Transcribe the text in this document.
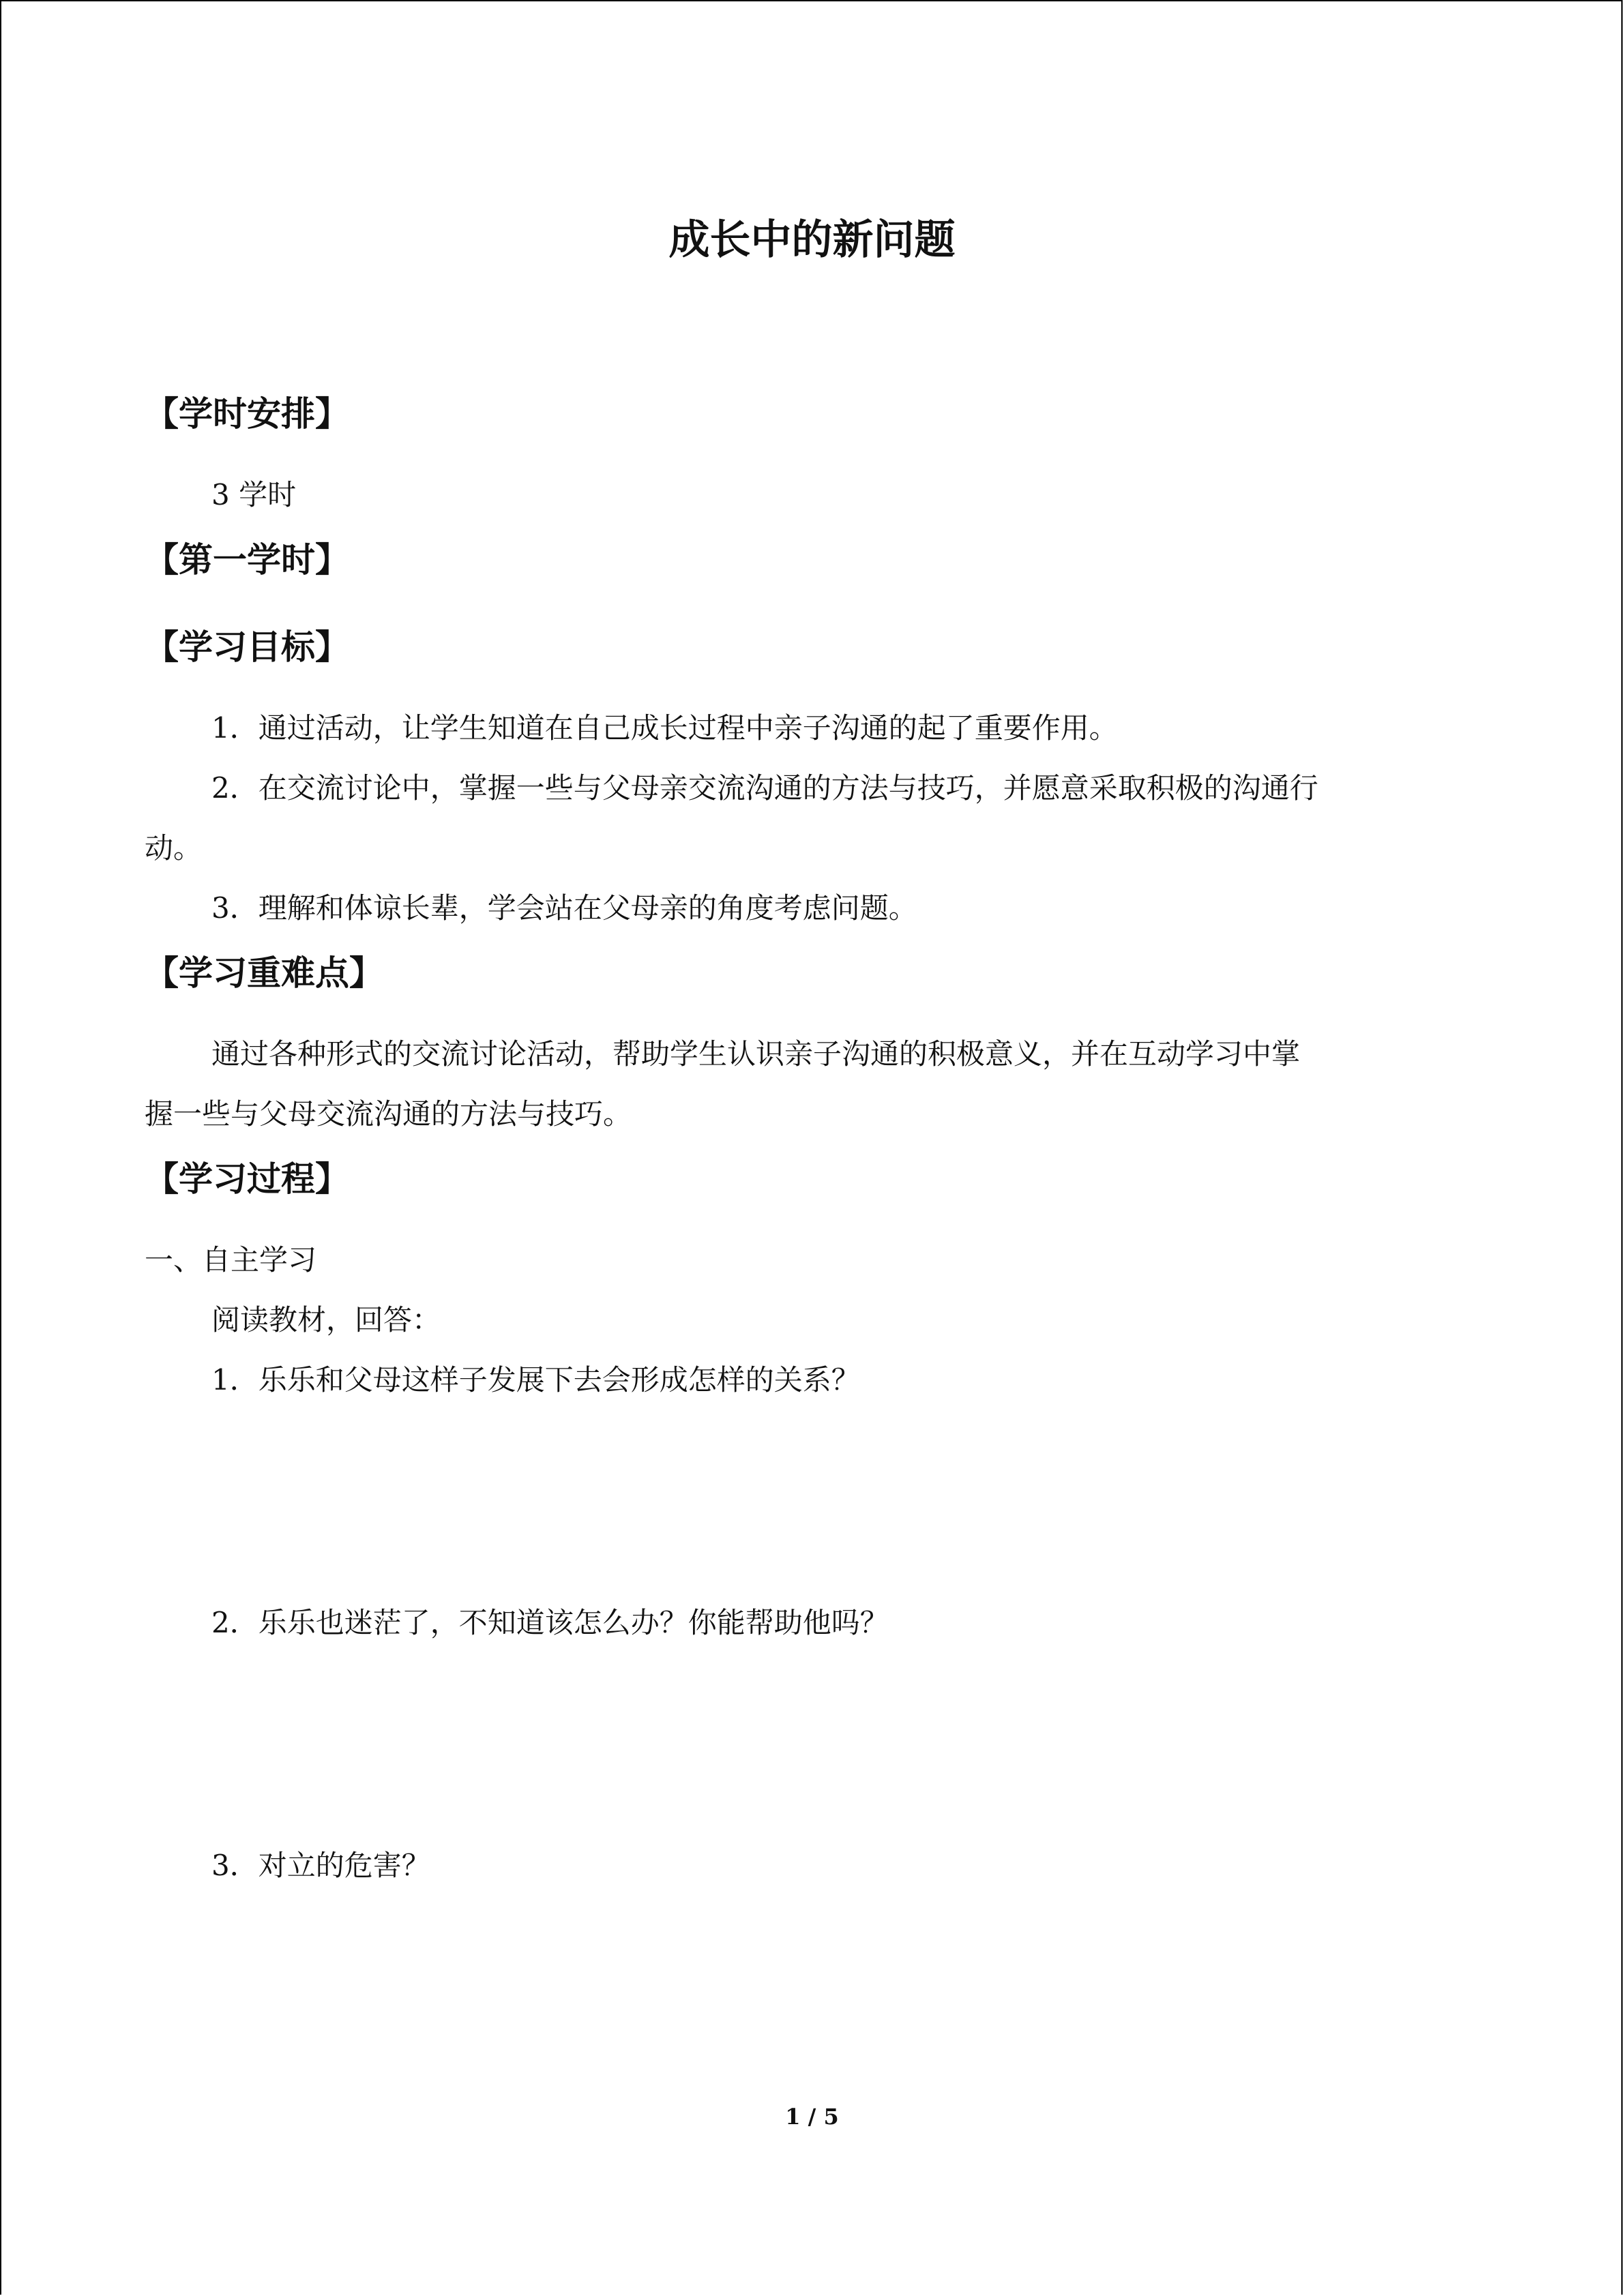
成长中的新问题
【学时安排】
3 学时
【第一学时】
【学习目标】
1．通过活动，让学生知道在自己成长过程中亲子沟通的起了重要作用。
2．在交流讨论中，掌握一些与父母亲交流沟通的方法与技巧，并愿意采取积极的沟通行
动。
3．理解和体谅长辈，学会站在父母亲的角度考虑问题。
【学习重难点】
通过各种形式的交流讨论活动，帮助学生认识亲子沟通的积极意义，并在互动学习中掌
握一些与父母交流沟通的方法与技巧。
【学习过程】
一、自主学习
阅读教材，回答：
1．乐乐和父母这样子发展下去会形成怎样的关系？
2．乐乐也迷茫了，不知道该怎么办？你能帮助他吗？
3．对立的危害？
1 / 5
